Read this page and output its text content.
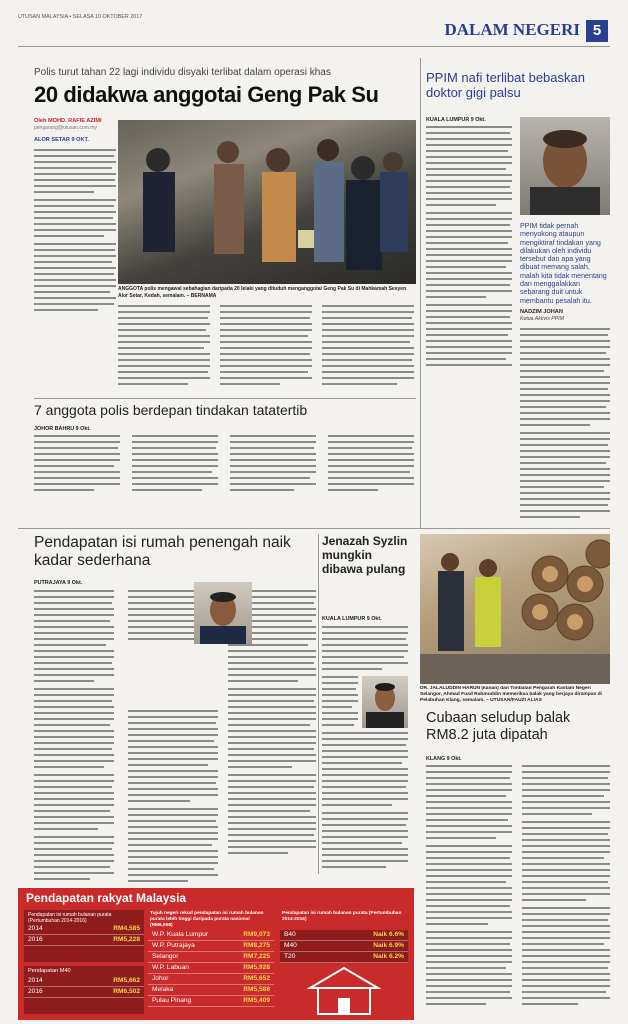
UTUSAN MALAYSIA • SELASA 10 OKTOBER 2017
DALAM NEGERI 5
Polis turut tahan 22 lagi individu disyaki terlibat dalam operasi khas
20 didakwa anggotai Geng Pak Su
Oleh MOHD. RAFIE AZIMI
pengarang@utusan.com.my
ALOR SETAR 9 OKT.
ANGGOTA polis mengawal sebahagian daripada 20 lelaki yang dituduh menganggotai Geng Pak Su di Mahkamah Sesyen Alor Setar, Kedah, semalam. – BERNAMA
PPIM nafi terlibat bebaskan doktor gigi palsu
KUALA LUMPUR 9 Okt.
PPIM tidak pernah menyokong ataupun mengiktiraf tindakan yang dilakukan oleh individu tersebut dan apa yang dibuat memang salah, malah kita tidak menentang dan menggalakkan sebarang duit untuk membantu pesalah itu.
NADZIM JOHAN
Ketua Aktivis PPIM
7 anggota polis berdepan tindakan tatatertib
JOHOR BAHRU 9 Okt.
Pendapatan isi rumah penengah naik kadar sederhana
PUTRAJAYA 9 Okt.
Jenazah Syzlin mungkin dibawa pulang
KUALA LUMPUR 9 Okt.
DR. JALALUDDIN HARUN (kanan) dan Timbalan Pengarah Kastam Negeri Selangor, Ahmad Fuad Rahmuddin memeriksa balak yang berjaya dirampas di Pelabuhan Klang, semalam. – UTUSAN/FAUZI ALIAS
Cubaan seludup balak RM8.2 juta dipatah
KLANG 9 Okt.
Pendapatan rakyat Malaysia
Pendapatan isi rumah bulanan purata (Pertumbuhan 2014-2016)
2014	RM4,585
2016	RM5,228
Pendapatan M40
2014	RM5,662
2016	RM6,502
Tujuh negeri rekod pendapatan isi rumah bulanan purata lebih tinggi daripada purata nasional (RM6,958)
W.P. Kuala Lumpur	RM9,073
W.P. Putrajaya	RM8,275
Selangor	RM7,225
W.P. Labuan	RM5,928
Johor	RM5,652
Melaka	RM5,588
Pulau Pinang	RM5,409
Pendapatan isi rumah bulanan purata (Pertumbuhan 2014-2016)
B40	Naik 6.6%
M40	Naik 6.9%
T20	Naik 6.2%
